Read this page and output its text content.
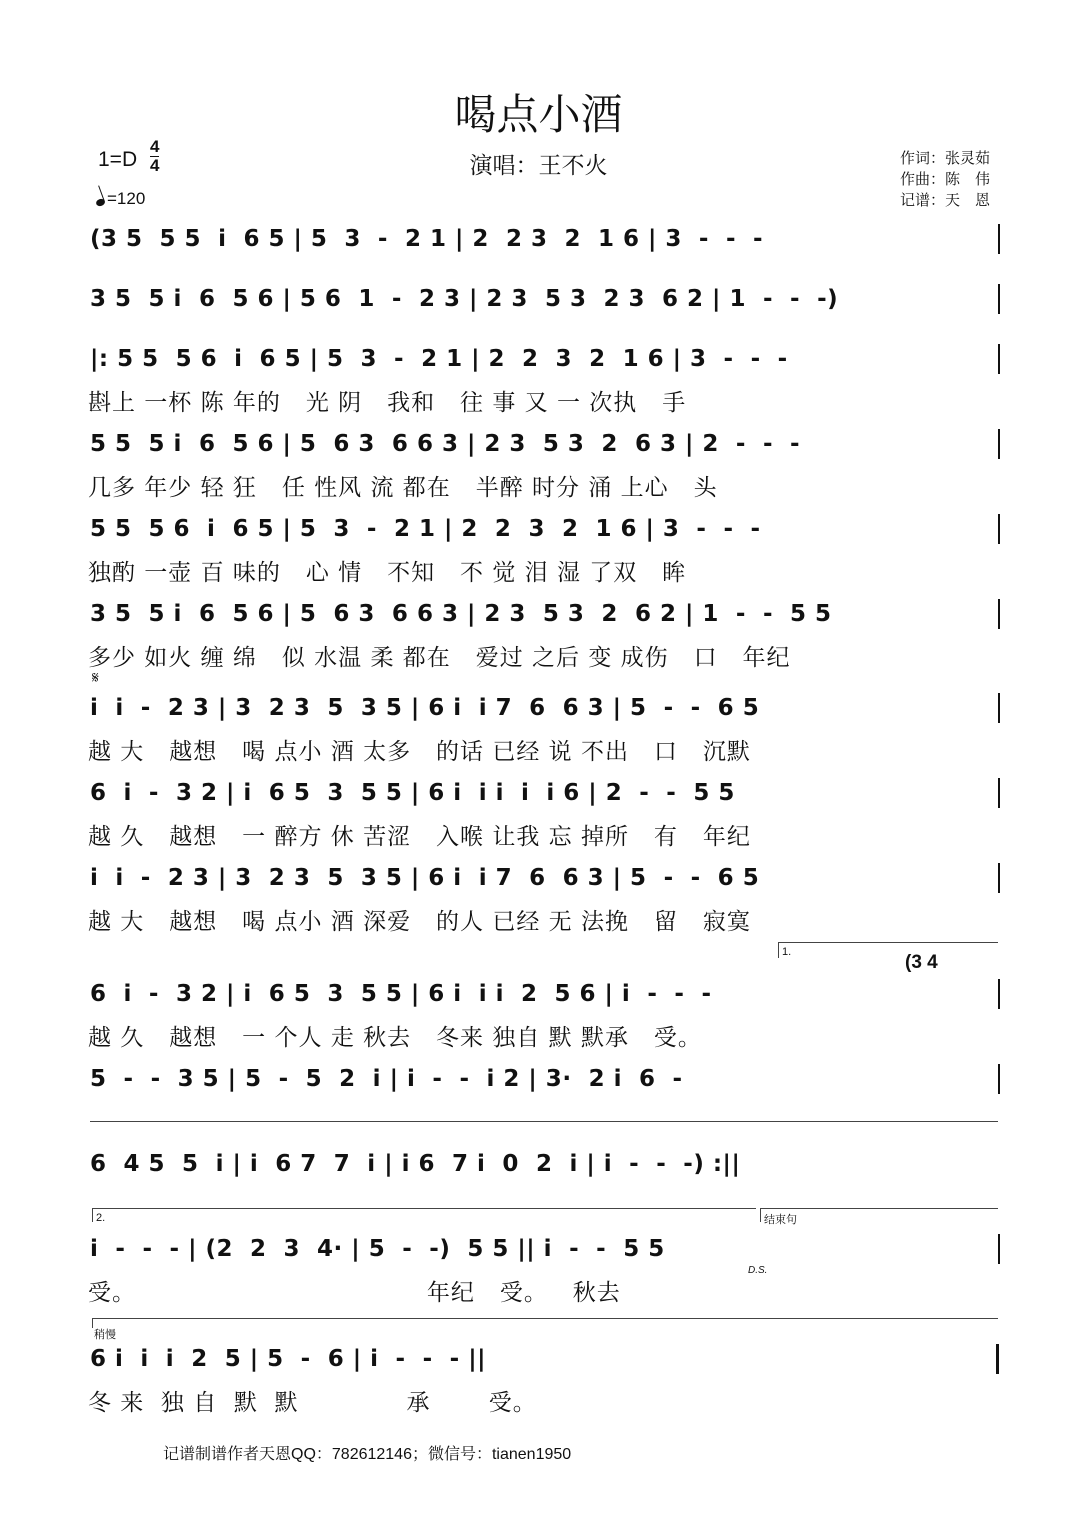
喝点小酒
演唱：王不火
1=D
4
4
=120
作词：张灵茹
作曲：陈　伟
记谱：天　恩
(3 5  5 5  i  6 5 | 5  3  -  2 1 | 2  2 3  2  1 6 | 3  -  -  -
3 5  5 i  6  5 6 | 5 6  1  -  2 3 | 2 3  5 3  2 3  6 2 | 1  -  -  -)
|: 5 5  5 6  i  6 5 | 5  3  -  2 1 | 2  2  3  2  1 6 | 3  -  -  -
斟上 一杯 陈 年的   光 阴   我和   往 事 又 一 次执   手
5 5  5 i  6  5 6 | 5  6 3  6 6 3 | 2 3  5 3  2  6 3 | 2  -  -  -
几多 年少 轻 狂   任 性风 流 都在   半醉 时分 涌 上心   头
5 5  5 6  i  6 5 | 5  3  -  2 1 | 2  2  3  2  1 6 | 3  -  -  -
独酌 一壶 百 味的   心 情   不知   不 觉 泪 湿 了双   眸
3 5  5 i  6  5 6 | 5  6 3  6 6 3 | 2 3  5 3  2  6 2 | 1  -  -  5 5
多少 如火 缠 绵   似 水温 柔 都在   爱过 之后 变 成伤   口   年纪
𝄋
i  i  -  2 3 | 3  2 3  5  3 5 | 6 i  i 7  6  6 3 | 5  -  -  6 5
越 大   越想   喝 点小 酒 太多   的话 已经 说 不出   口   沉默
6  i  -  3 2 | i  6 5  3  5 5 | 6 i  i i  i  i 6 | 2  -  -  5 5
越 久   越想   一 醉方 休 苦涩   入喉 让我 忘 掉所   有   年纪
i  i  -  2 3 | 3  2 3  5  3 5 | 6 i  i 7  6  6 3 | 5  -  -  6 5
越 大   越想   喝 点小 酒 深爱   的人 已经 无 法挽   留   寂寞
1.	(3 4
6  i  -  3 2 | i  6 5  3  5 5 | 6 i  i i  2  5 6 | i  -  -  -
越 久   越想   一 个人 走 秋去   冬来 独自 默 默承   受。
5  -  -  3 5 | 5  -  5  2  i | i  -  -  i 2 | 3·  2 i  6  -
6  4 5  5  i | i  6 7  7  i | i 6  7 i  0  2  i | i  -  -  -) :||
2.	结束句
i  -  -  - | (2  2  3  4· | 5  -  -)  5 5 || i  -  -  5 5
D.S.
受。                                   年纪   受。   秋去
稍慢
6 i  i  i  2  5 | 5  -  6 | i  -  -  - ||
冬 来  独 自  默  默             承       受。
记谱制谱作者天恩QQ：782612146；微信号：tianen1950
